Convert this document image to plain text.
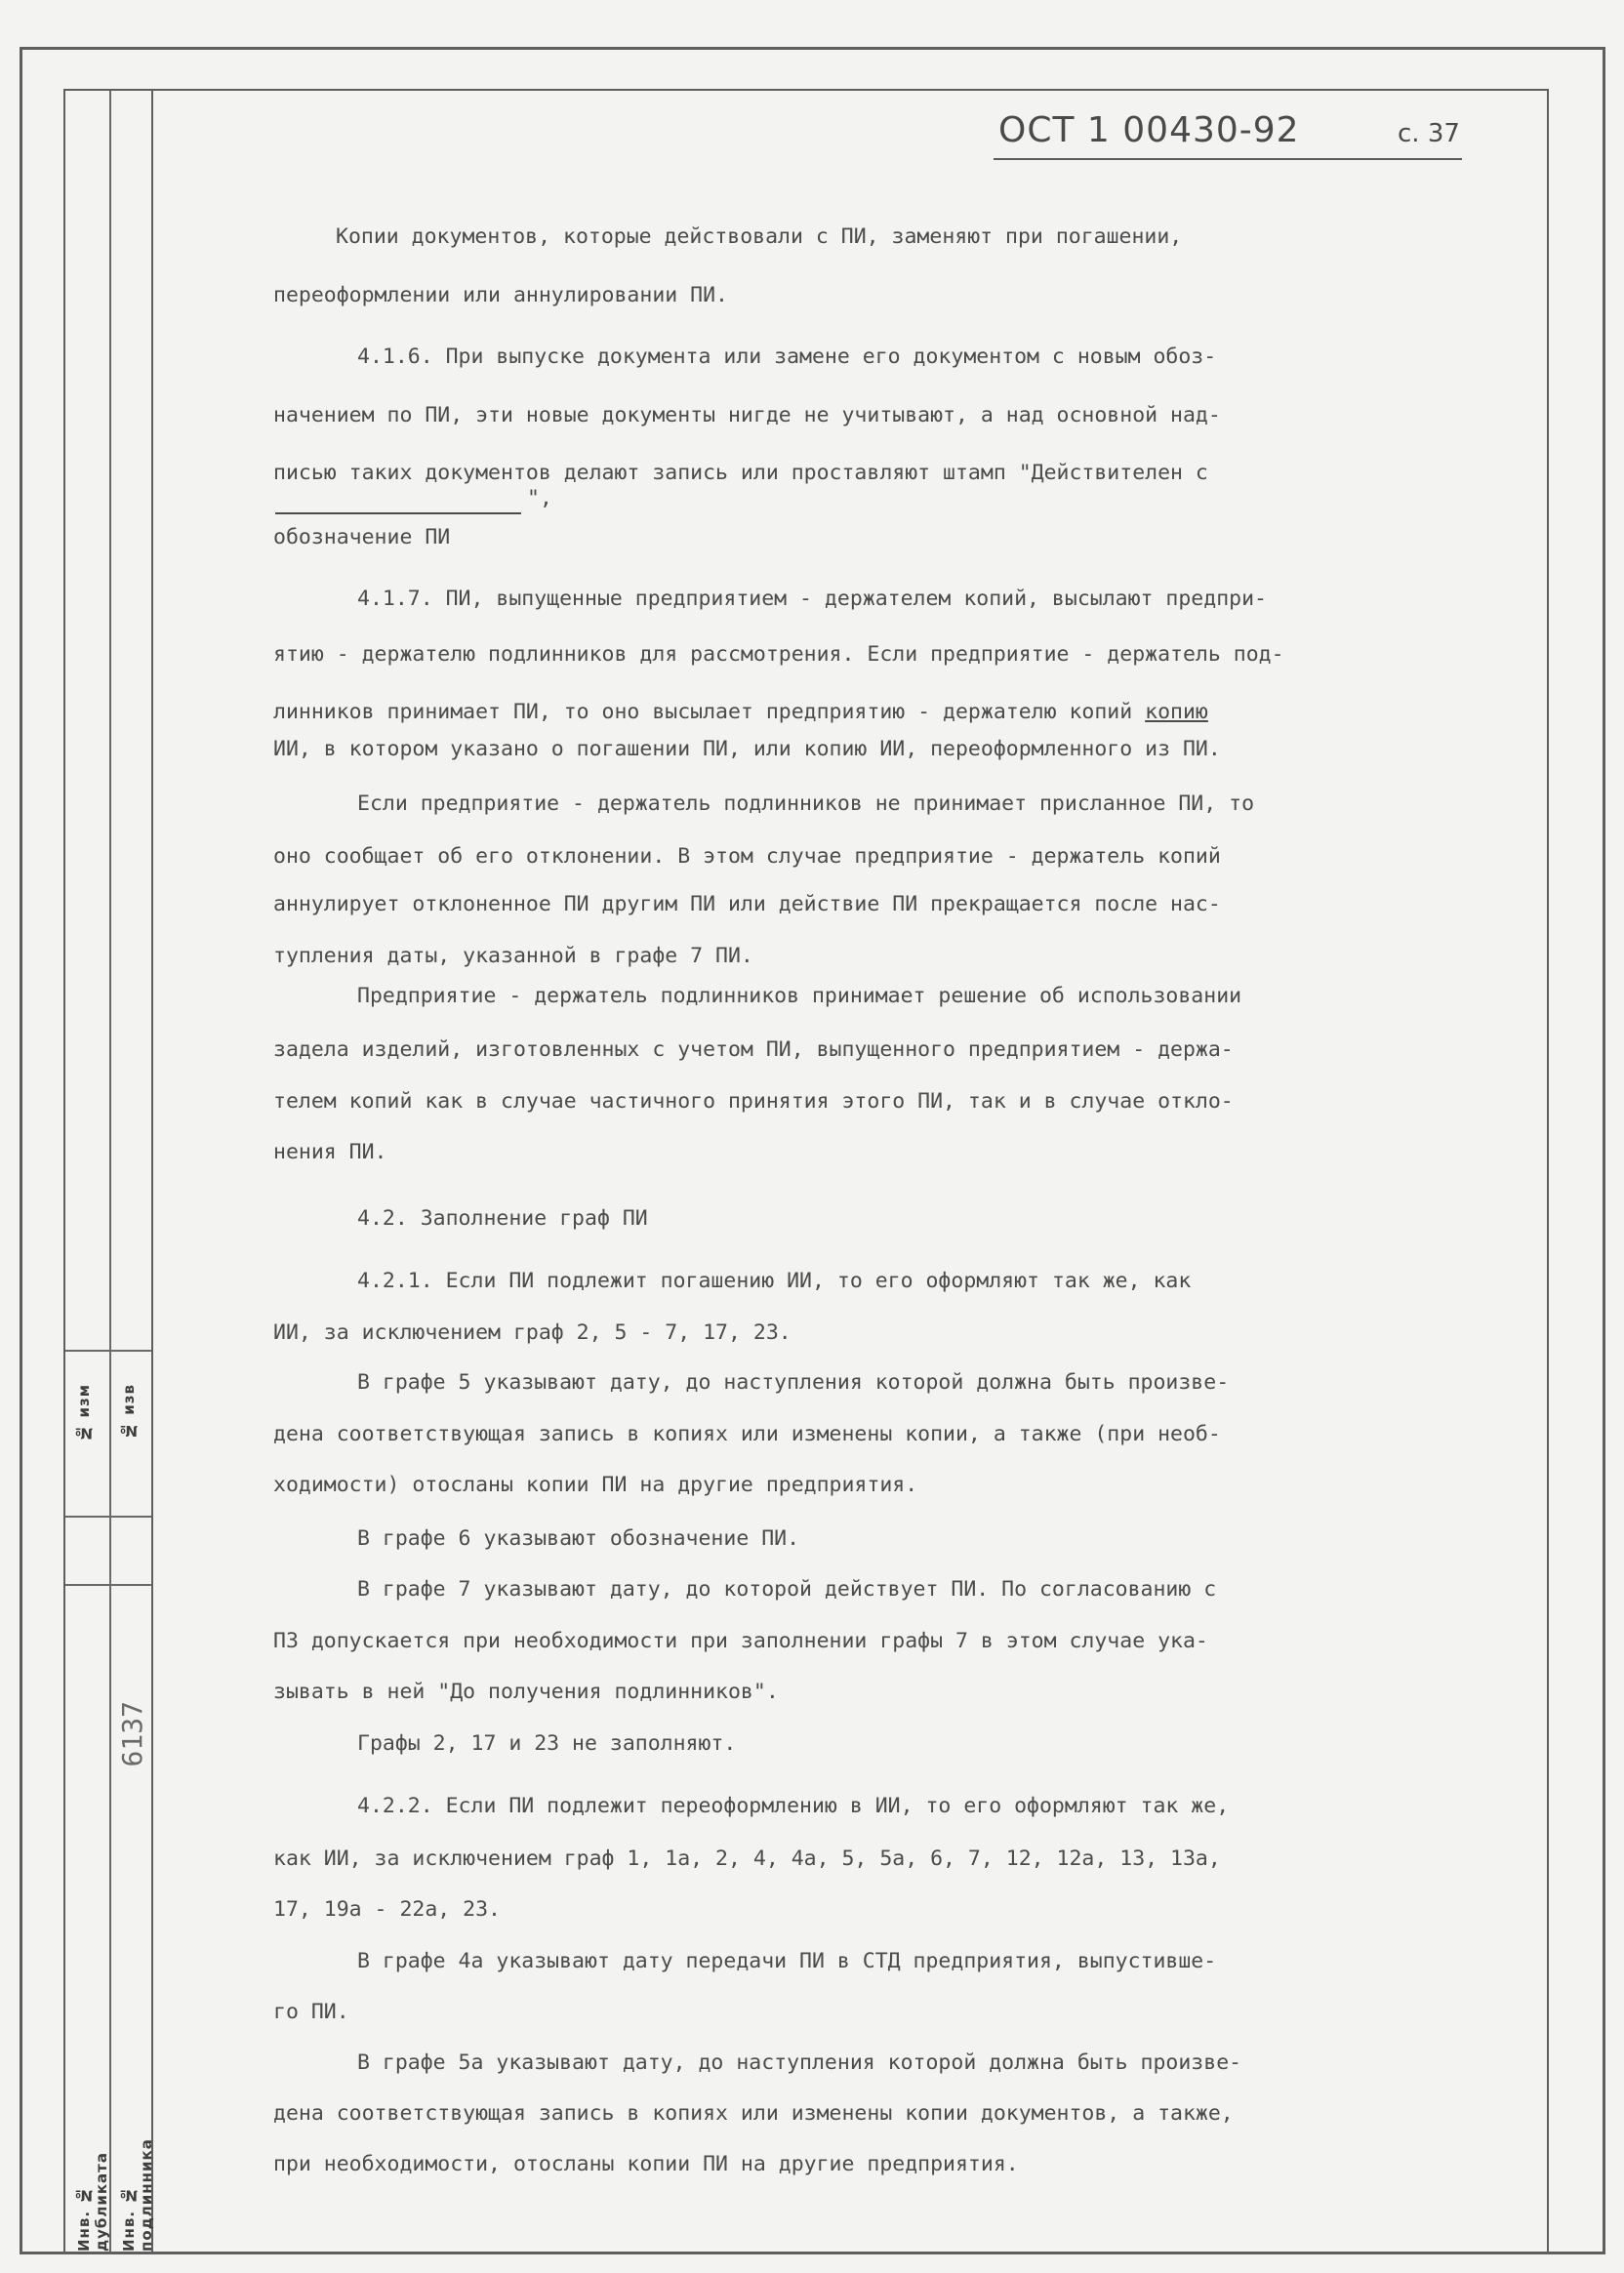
Инв. № дубликата Инв. № подлинника
№ изм № изв
6137
ОСТ 1 00430-92	с. 37
Копии документов, которые действовали с ПИ, заменяют при погашении,
переоформлении или аннулировании ПИ.
4.1.6. При выпуске документа или замене его документом с новым обоз-
начением по ПИ, эти новые документы нигде не учитывают, а над основной над-
писью таких документов делают запись или проставляют штамп "Действителен с
обозначение ПИ
4.1.7. ПИ, выпущенные предприятием - держателем копий, высылают предпри-
ятию - держателю подлинников для рассмотрения. Если предприятие - держатель под-
линников принимает ПИ, то оно высылает предприятию - держателю копий копию
ИИ, в котором указано о погашении ПИ, или копию ИИ, переоформленного из ПИ.
Если предприятие - держатель подлинников не принимает присланное ПИ, то
оно сообщает об его отклонении. В этом случае предприятие - держатель копий
аннулирует отклоненное ПИ другим ПИ или действие ПИ прекращается после нас-
тупления даты, указанной в графе 7 ПИ.
Предприятие - держатель подлинников принимает решение об использовании
задела изделий, изготовленных с учетом ПИ, выпущенного предприятием - держа-
телем копий как в случае частичного принятия этого ПИ, так и в случае откло-
нения ПИ.
4.2. Заполнение граф ПИ
4.2.1. Если ПИ подлежит погашению ИИ, то его оформляют так же, как
ИИ, за исключением граф 2, 5 - 7, 17, 23.
В графе 5 указывают дату, до наступления которой должна быть произве-
дена соответствующая запись в копиях или изменены копии, а также (при необ-
ходимости) отосланы копии ПИ на другие предприятия.
В графе 6 указывают обозначение ПИ.
В графе 7 указывают дату, до которой действует ПИ. По согласованию с
ПЗ допускается при необходимости при заполнении графы 7 в этом случае ука-
зывать в ней "До получения подлинников".
Графы 2, 17 и 23 не заполняют.
4.2.2. Если ПИ подлежит переоформлению в ИИ, то его оформляют так же,
как ИИ, за исключением граф 1, 1а, 2, 4, 4а, 5, 5а, 6, 7, 12, 12а, 13, 13а,
17, 19а - 22а, 23.
В графе 4а указывают дату передачи ПИ в СТД предприятия, выпустивше-
го ПИ.
В графе 5а указывают дату, до наступления которой должна быть произве-
дена соответствующая запись в копиях или изменены копии документов, а также,
при необходимости, отосланы копии ПИ на другие предприятия.
",
